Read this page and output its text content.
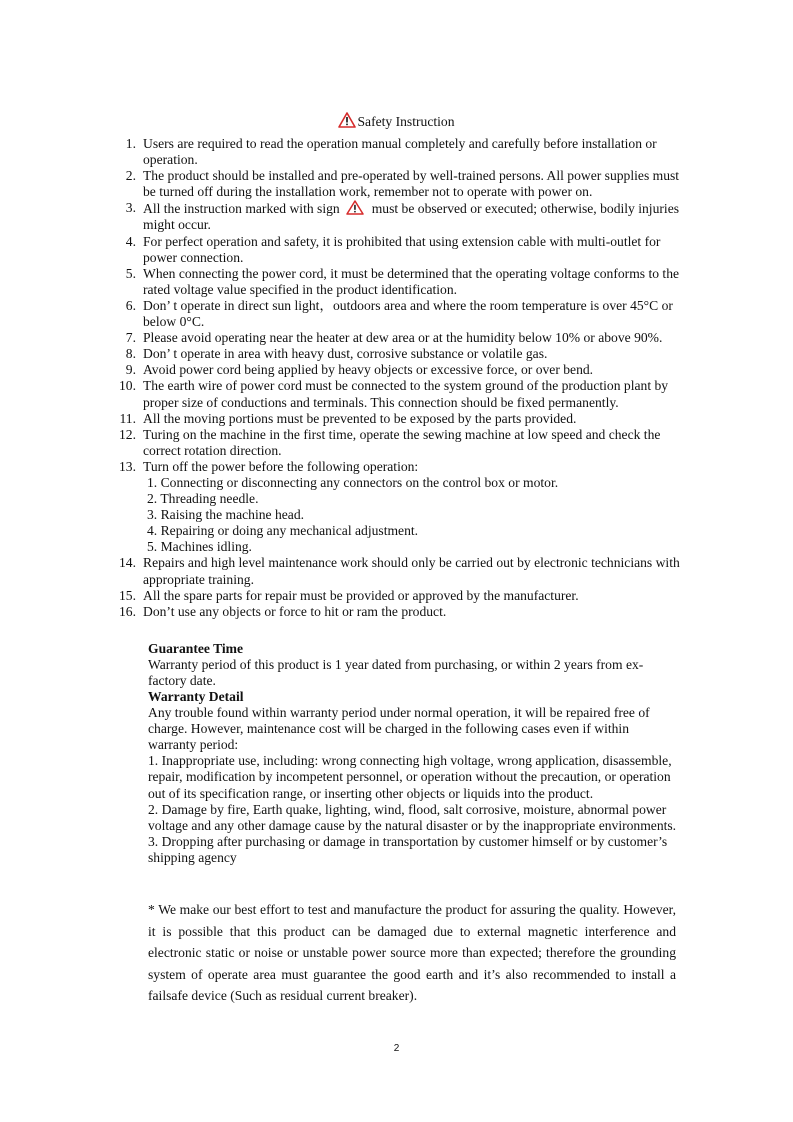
Safety Instruction
1. Users are required to read the operation manual completely and carefully before installation or operation.
2. The product should be installed and pre-operated by well-trained persons. All power supplies must be turned off during the installation work, remember not to operate with power on.
3. All the instruction marked with sign must be observed or executed; otherwise, bodily injuries might occur.
4. For perfect operation and safety, it is prohibited that using extension cable with multi-outlet for power connection.
5. When connecting the power cord, it must be determined that the operating voltage conforms to the rated voltage value specified in the product identification.
6. Don’ t operate in direct sun light，outdoors area and where the room temperature is over 45°C or below 0°C.
7. Please avoid operating near the heater at dew area or at the humidity below 10% or above 90%.
8. Don’ t operate in area with heavy dust, corrosive substance or volatile gas.
9. Avoid power cord being applied by heavy objects or excessive force, or over bend.
10. The earth wire of power cord must be connected to the system ground of the production plant by proper size of conductions and terminals. This connection should be fixed permanently.
11. All the moving portions must be prevented to be exposed by the parts provided.
12. Turing on the machine in the first time, operate the sewing machine at low speed and check the correct rotation direction.
13. Turn off the power before the following operation:
1. Connecting or disconnecting any connectors on the control box or motor.
2. Threading needle.
3. Raising the machine head.
4. Repairing or doing any mechanical adjustment.
5. Machines idling.
14. Repairs and high level maintenance work should only be carried out by electronic technicians with appropriate training.
15. All the spare parts for repair must be provided or approved by the manufacturer.
16. Don’t use any objects or force to hit or ram the product.
Guarantee Time
Warranty period of this product is 1 year dated from purchasing, or within 2 years from ex-factory date.
Warranty Detail
Any trouble found within warranty period under normal operation, it will be repaired free of charge. However, maintenance cost will be charged in the following cases even if within warranty period:
1. Inappropriate use, including: wrong connecting high voltage, wrong application, disassemble, repair, modification by incompetent personnel, or operation without the precaution, or operation out of its specification range, or inserting other objects or liquids into the product.
2. Damage by fire, Earth quake, lighting, wind, flood, salt corrosive, moisture, abnormal power voltage and any other damage cause by the natural disaster or by the inappropriate environments.
3. Dropping after purchasing or damage in transportation by customer himself or by customer’s shipping agency
* We make our best effort to test and manufacture the product for assuring the quality. However, it is possible that this product can be damaged due to external magnetic interference and electronic static or noise or unstable power source more than expected; therefore the grounding system of operate area must guarantee the good earth and it’s also recommended to install a failsafe device (Such as residual current breaker).
2
